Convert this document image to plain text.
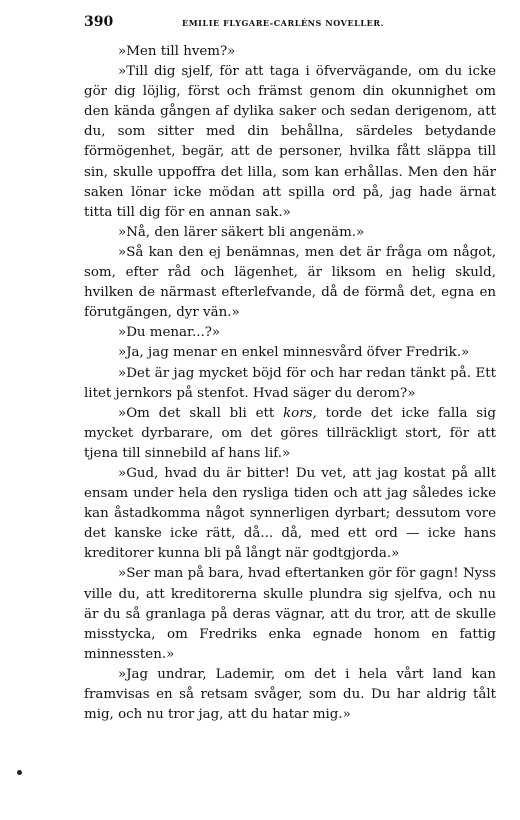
390	EMILIE FLYGARE-CARLÉNS NOVELLER.

»Men till hvem?»

»Till dig sjelf, för att taga i öfvervägande, om du icke gör dig löjlig, först och främst genom din okunnighet om den kända gången af dylika saker och sedan derigenom, att du, som sitter med din behållna, särdeles betydande förmögenhet, begär, att de personer, hvilka fått släppa till sin, skulle uppoffra det lilla, som kan erhållas. Men den här saken lönar icke mödan att spilla ord på, jag hade ärnat titta till dig för en annan sak.»

»Nå, den lärer säkert bli angenäm.»

»Så kan den ej benämnas, men det är fråga om något, som, efter råd och lägenhet, är liksom en helig skuld, hvilken de närmast efterlefvande, då de förmå det, egna en förutgängen, dyr vän.»

»Du menar...?»

»Ja, jag menar en enkel minnesvård öfver Fredrik.»

»Det är jag mycket böjd för och har redan tänkt på. Ett litet jernkors på stenfot. Hvad säger du derom?»

»Om det skall bli ett kors, torde det icke falla sig mycket dyrbarare, om det göres tillräckligt stort, för att tjena till sinnebild af hans lif.»

»Gud, hvad du är bitter! Du vet, att jag kostat på allt ensam under hela den rysliga tiden och att jag således icke kan åstadkomma något synnerligen dyrbart; dessutom vore det kanske icke rätt, då... då, med ett ord — icke hans kreditorer kunna bli på långt när godtgjorda.»

»Ser man på bara, hvad eftertanken gör för gagn! Nyss ville du, att kreditorerna skulle plundra sig sjelfva, och nu är du så granlaga på deras vägnar, att du tror, att de skulle misstycka, om Fredriks enka egnade honom en fattig minnessten.»

»Jag undrar, Lademir, om det i hela vårt land kan framvisas en så retsam svåger, som du. Du har aldrig tålt mig, och nu tror jag, att du hatar mig.»
